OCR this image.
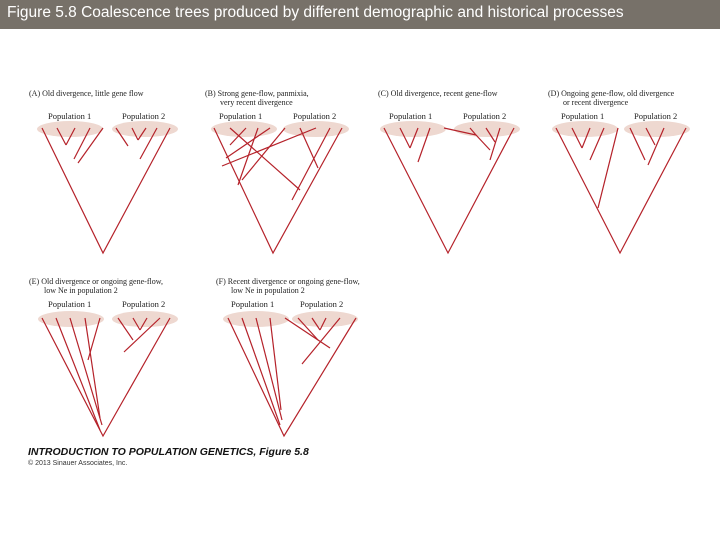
Figure 5.8 Coalescence trees produced by different demographic and historical processes
(A) Old divergence, little gene flow
Population 1	Population 2
(B) Strong gene-flow, panmixia,
very recent divergence
Population 1	Population 2
(C) Old divergence, recent gene-flow
Population 1	Population 2
(D) Ongoing gene-flow, old divergence
or recent divergence
Population 1	Population 2
(E) Old divergence or ongoing gene-flow,
low Ne in population 2
Population 1	Population 2
(F) Recent divergence or ongoing gene-flow,
low Ne in population 2
Population 1	Population 2
INTRODUCTION TO POPULATION GENETICS, Figure 5.8
© 2013 Sinauer Associates, Inc.
